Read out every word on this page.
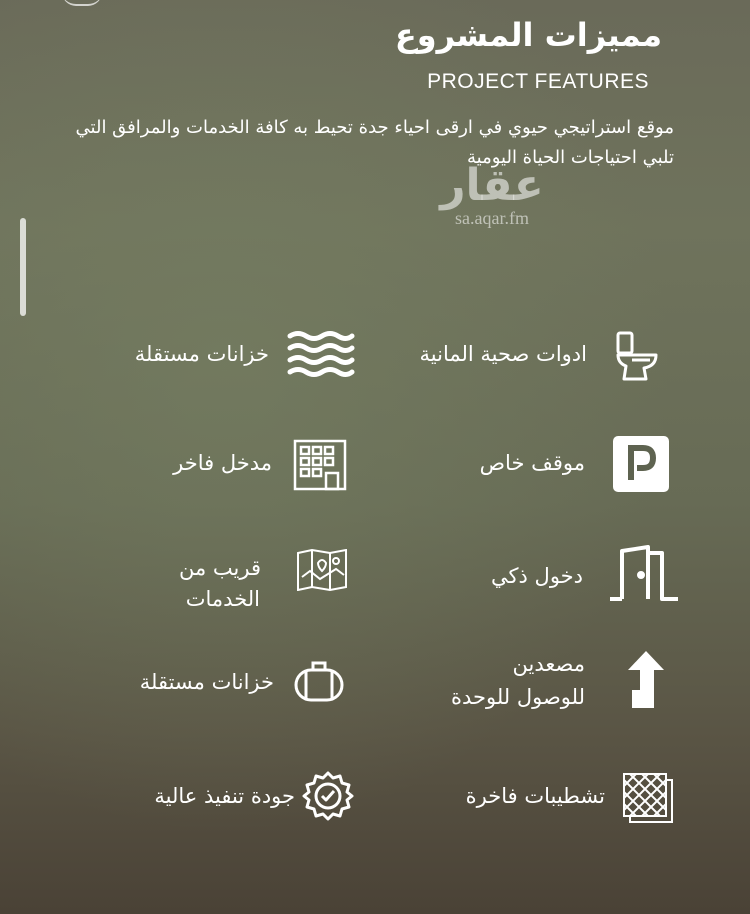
مميزات المشروع
PROJECT FEATURES
موقع استراتيجي حيوي في ارقى احياء جدة تحيط به كافة الخدمات والمرافق التي تلبي احتياجات الحياة اليومية
عقار
sa.aqar.fm
ادوات صحية المانية
خزانات مستقلة
موقف خاص
مدخل فاخر
دخول ذكي
قريب من
الخدمات
مصعدين
للوصول للوحدة
خزانات مستقلة
تشطيبات فاخرة
جودة تنفيذ عالية
